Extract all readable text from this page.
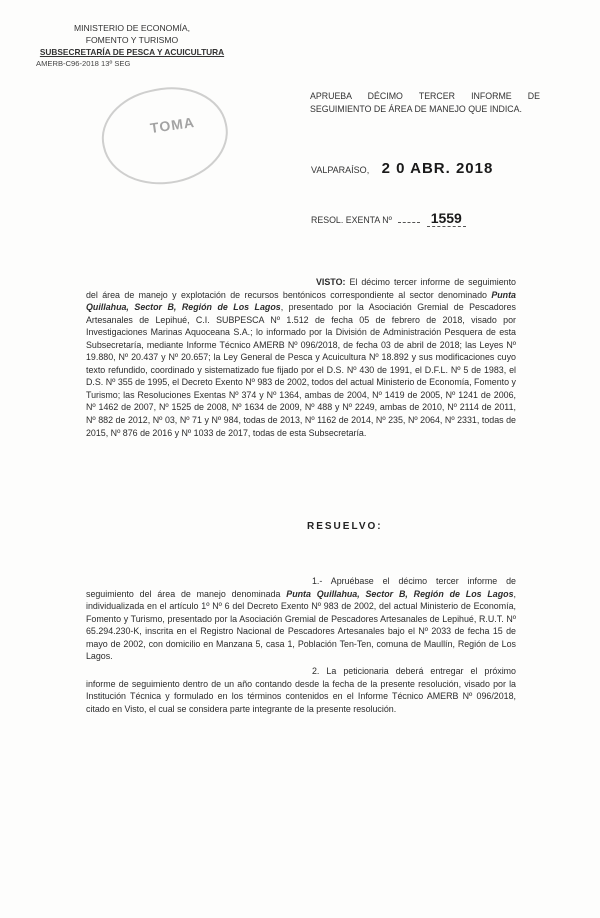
MINISTERIO DE ECONOMÍA,
FOMENTO Y TURISMO
SUBSECRETARÍA DE PESCA Y ACUICULTURA
AMERB-C96-2018 13º SEG
TOMA
APRUEBA DÉCIMO TERCER INFORME DE
SEGUIMIENTO DE ÁREA DE MANEJO QUE INDICA.
VALPARAÍSO, 2 0 ABR. 2018
RESOL. EXENTA Nº	1559
VISTO: El décimo tercer informe de seguimiento del área de manejo y explotación de recursos bentónicos correspondiente al sector denominado Punta Quillahua, Sector B, Región de Los Lagos, presentado por la Asociación Gremial de Pescadores Artesanales de Lepihué, C.I. SUBPESCA Nº 1.512 de fecha 05 de febrero de 2018, visado por Investigaciones Marinas Aquoceana S.A.; lo informado por la División de Administración Pesquera de esta Subsecretaría, mediante Informe Técnico AMERB Nº 096/2018, de fecha 03 de abril de 2018; las Leyes Nº 19.880, Nº 20.437 y Nº 20.657; la Ley General de Pesca y Acuicultura Nº 18.892 y sus modificaciones cuyo texto refundido, coordinado y sistematizado fue fijado por el D.S. Nº 430 de 1991, el D.F.L. Nº 5 de 1983, el D.S. Nº 355 de 1995, el Decreto Exento Nº 983 de 2002, todos del actual Ministerio de Economía, Fomento y Turismo; las Resoluciones Exentas Nº 374 y Nº 1364, ambas de 2004, Nº 1419 de 2005, Nº 1241 de 2006, Nº 1462 de 2007, Nº 1525 de 2008, Nº 1634 de 2009, Nº 488 y Nº 2249, ambas de 2010, Nº 2114 de 2011, Nº 882 de 2012, Nº 03, Nº 71 y Nº 984, todas de 2013, Nº 1162 de 2014, Nº 235, Nº 2064, Nº 2331, todas de 2015, Nº 876 de 2016 y Nº 1033 de 2017, todas de esta Subsecretaría.
RESUELVO:
1.- Apruébase el décimo tercer informe de seguimiento del área de manejo denominada Punta Quillahua, Sector B, Región de Los Lagos, individualizada en el artículo 1º Nº 6 del Decreto Exento Nº 983 de 2002, del actual Ministerio de Economía, Fomento y Turismo, presentado por la Asociación Gremial de Pescadores Artesanales de Lepihué, R.U.T. Nº 65.294.230-K, inscrita en el Registro Nacional de Pescadores Artesanales bajo el Nº 2033 de fecha 15 de mayo de 2002, con domicilio en Manzana 5, casa 1, Población Ten-Ten, comuna de Maullín, Región de Los Lagos.
2. La peticionaria deberá entregar el próximo informe de seguimiento dentro de un año contando desde la fecha de la presente resolución, visado por la Institución Técnica y formulado en los términos contenidos en el Informe Técnico AMERB Nº 096/2018, citado en Visto, el cual se considera parte integrante de la presente resolución.
